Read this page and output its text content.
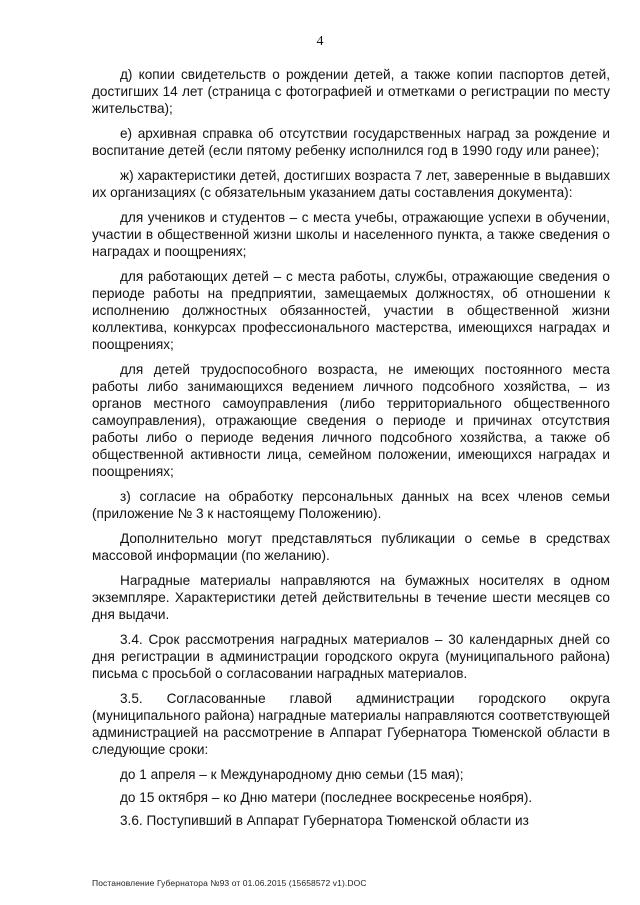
4

д) копии свидетельств о рождении детей, а также копии паспортов детей, достигших 14 лет (страница с фотографией и отметками о регистрации по месту жительства);

е) архивная справка об отсутствии государственных наград за рождение и воспитание детей (если пятому ребенку исполнился год в 1990 году или ранее);

ж) характеристики детей, достигших возраста 7 лет, заверенные в выдавших их организациях (с обязательным указанием даты составления документа):

для учеников и студентов – с места учебы, отражающие успехи в обучении, участии в общественной жизни школы и населенного пункта, а также сведения о наградах и поощрениях;

для работающих детей – с места работы, службы, отражающие сведения о периоде работы на предприятии, замещаемых должностях, об отношении к исполнению должностных обязанностей, участии в общественной жизни коллектива, конкурсах профессионального мастерства, имеющихся наградах и поощрениях;

для детей трудоспособного возраста, не имеющих постоянного места работы либо занимающихся ведением личного подсобного хозяйства, – из органов местного самоуправления (либо территориального общественного самоуправления), отражающие сведения о периоде и причинах отсутствия работы либо о периоде ведения личного подсобного хозяйства, а также об общественной активности лица, семейном положении, имеющихся наградах и поощрениях;

з) согласие на обработку персональных данных на всех членов семьи (приложение № 3 к настоящему Положению).

Дополнительно могут представляться публикации о семье в средствах массовой информации (по желанию).

Наградные материалы направляются на бумажных носителях в одном экземпляре. Характеристики детей действительны в течение шести месяцев со дня выдачи.

3.4. Срок рассмотрения наградных материалов – 30 календарных дней со дня регистрации в администрации городского округа (муниципального района) письма с просьбой о согласовании наградных материалов.

3.5. Согласованные главой администрации городского округа (муниципального района) наградные материалы направляются соответствующей администрацией на рассмотрение в Аппарат Губернатора Тюменской области в следующие сроки:

до 1 апреля – к Международному дню семьи (15 мая);

до 15 октября – ко Дню матери (последнее воскресенье ноября).

3.6. Поступивший в Аппарат Губернатора Тюменской области из

Постановление Губернатора №93 от 01.06.2015 (15658572 v1).DOC
